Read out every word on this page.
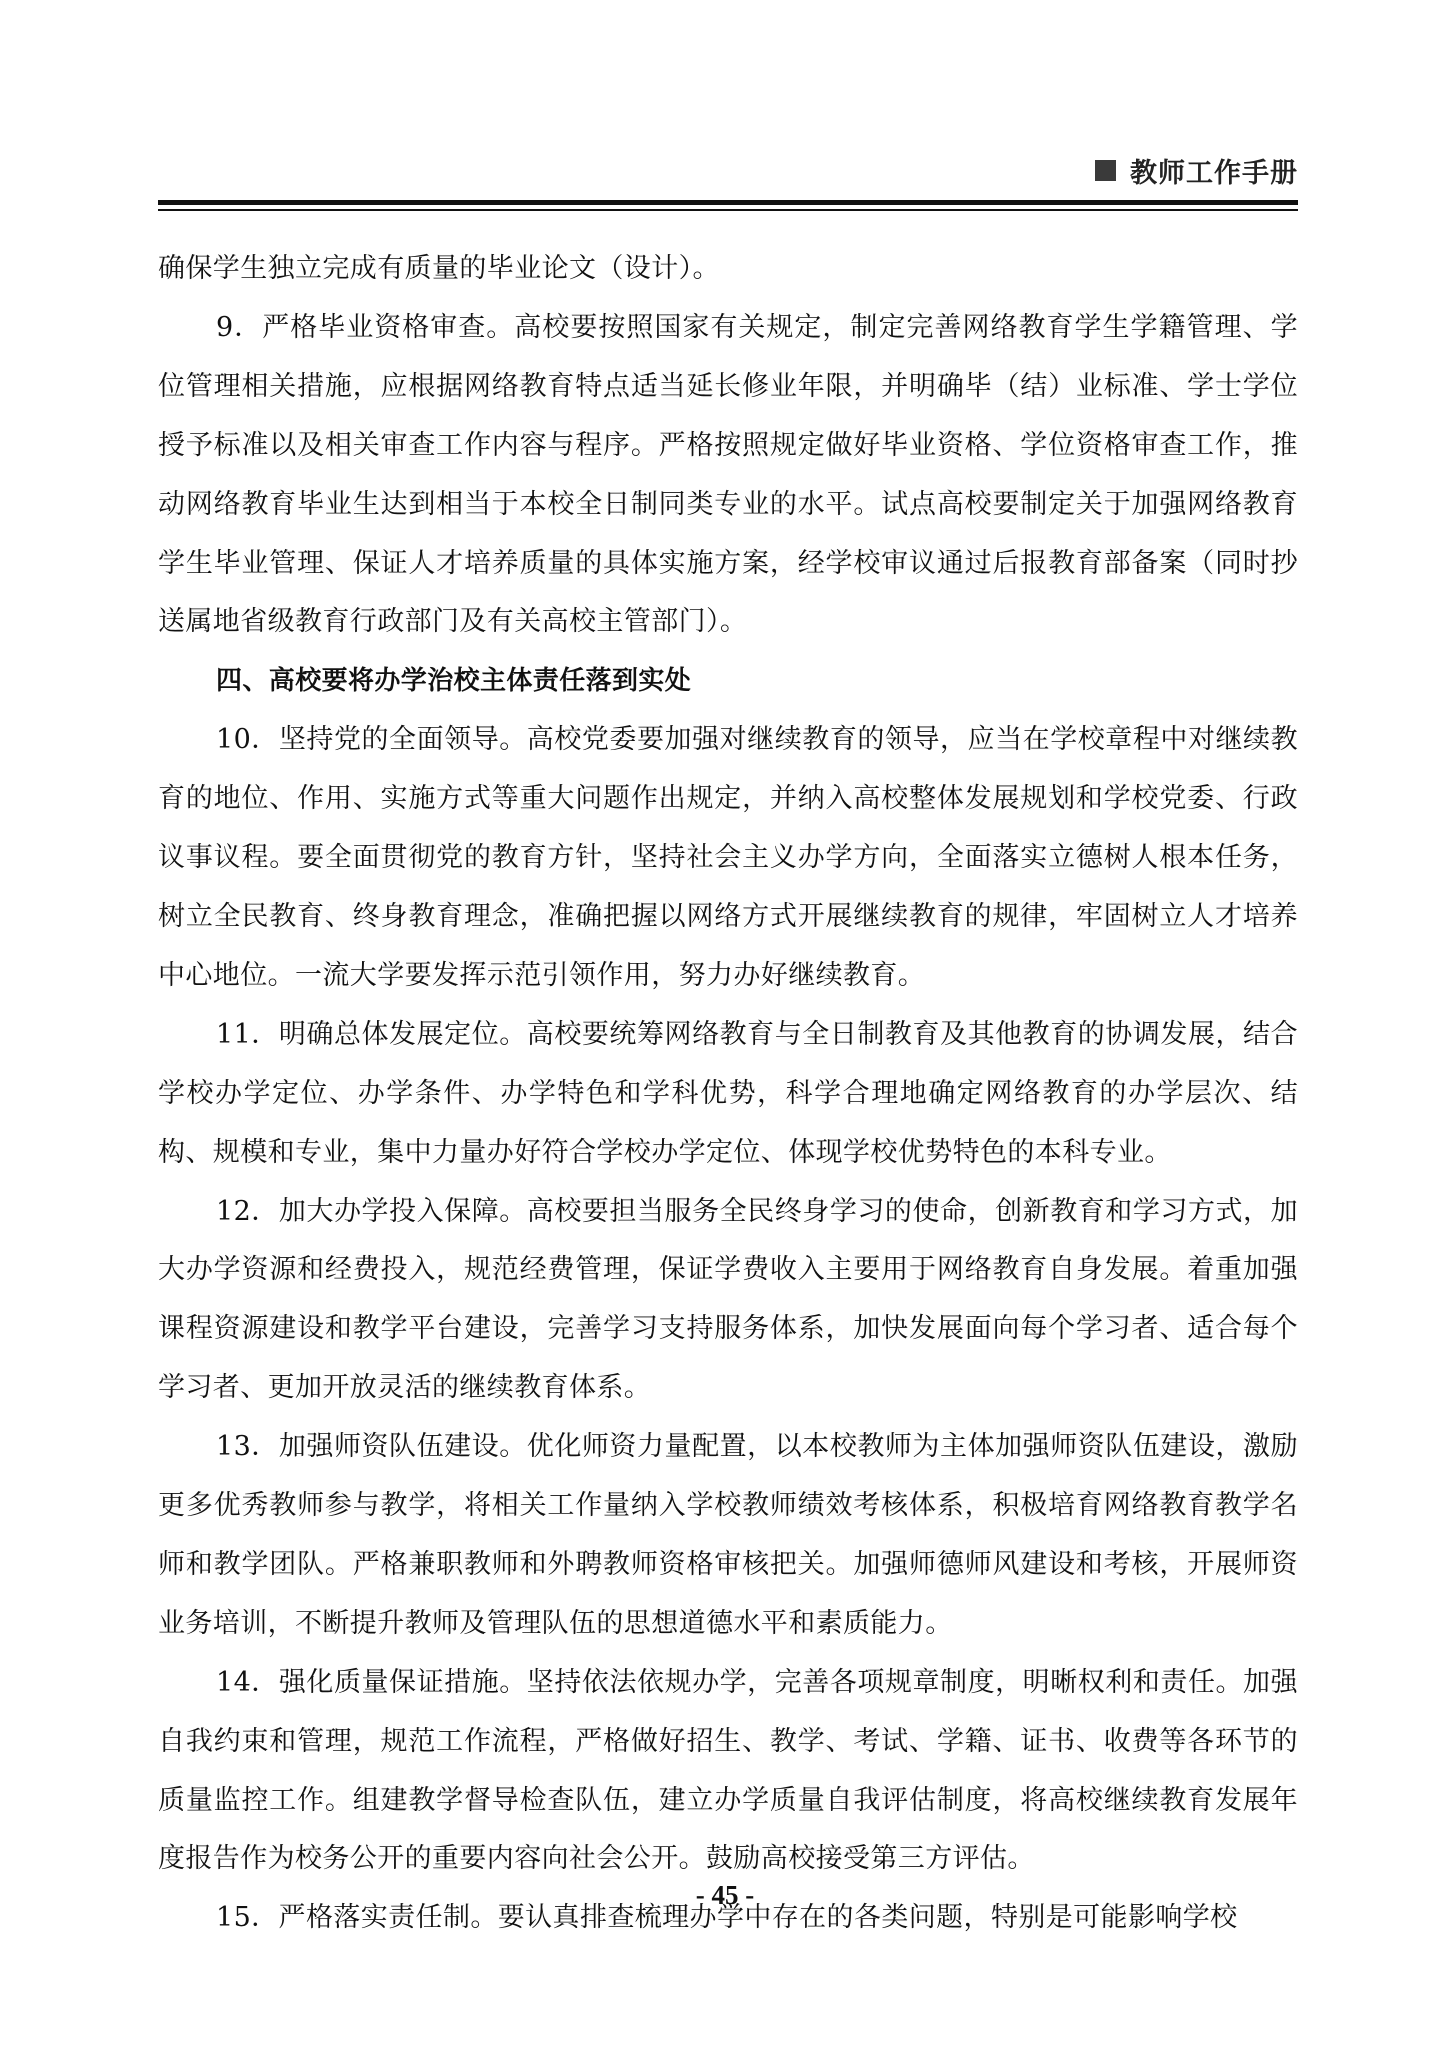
教师工作手册

确保学生独立完成有质量的毕业论文（设计）。

9．严格毕业资格审查。高校要按照国家有关规定，制定完善网络教育学生学籍管理、学位管理相关措施，应根据网络教育特点适当延长修业年限，并明确毕（结）业标准、学士学位授予标准以及相关审查工作内容与程序。严格按照规定做好毕业资格、学位资格审查工作，推动网络教育毕业生达到相当于本校全日制同类专业的水平。试点高校要制定关于加强网络教育学生毕业管理、保证人才培养质量的具体实施方案，经学校审议通过后报教育部备案（同时抄送属地省级教育行政部门及有关高校主管部门）。

四、高校要将办学治校主体责任落到实处

10．坚持党的全面领导。高校党委要加强对继续教育的领导，应当在学校章程中对继续教育的地位、作用、实施方式等重大问题作出规定，并纳入高校整体发展规划和学校党委、行政议事议程。要全面贯彻党的教育方针，坚持社会主义办学方向，全面落实立德树人根本任务，树立全民教育、终身教育理念，准确把握以网络方式开展继续教育的规律，牢固树立人才培养中心地位。一流大学要发挥示范引领作用，努力办好继续教育。

11．明确总体发展定位。高校要统筹网络教育与全日制教育及其他教育的协调发展，结合学校办学定位、办学条件、办学特色和学科优势，科学合理地确定网络教育的办学层次、结构、规模和专业，集中力量办好符合学校办学定位、体现学校优势特色的本科专业。

12．加大办学投入保障。高校要担当服务全民终身学习的使命，创新教育和学习方式，加大办学资源和经费投入，规范经费管理，保证学费收入主要用于网络教育自身发展。着重加强课程资源建设和教学平台建设，完善学习支持服务体系，加快发展面向每个学习者、适合每个学习者、更加开放灵活的继续教育体系。

13．加强师资队伍建设。优化师资力量配置，以本校教师为主体加强师资队伍建设，激励更多优秀教师参与教学，将相关工作量纳入学校教师绩效考核体系，积极培育网络教育教学名师和教学团队。严格兼职教师和外聘教师资格审核把关。加强师德师风建设和考核，开展师资业务培训，不断提升教师及管理队伍的思想道德水平和素质能力。

14．强化质量保证措施。坚持依法依规办学，完善各项规章制度，明晰权利和责任。加强自我约束和管理，规范工作流程，严格做好招生、教学、考试、学籍、证书、收费等各环节的质量监控工作。组建教学督导检查队伍，建立办学质量自我评估制度，将高校继续教育发展年度报告作为校务公开的重要内容向社会公开。鼓励高校接受第三方评估。

15．严格落实责任制。要认真排查梳理办学中存在的各类问题，特别是可能影响学校

- 45 -
